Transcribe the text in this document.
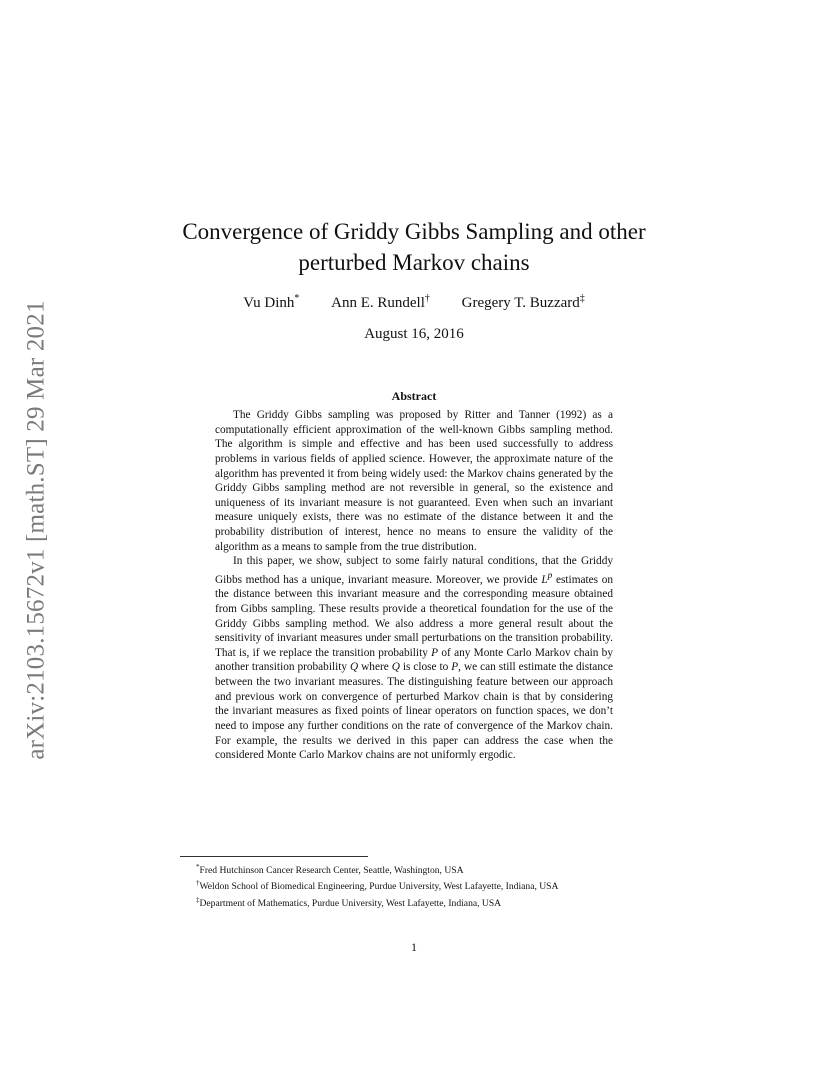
arXiv:2103.15672v1 [math.ST] 29 Mar 2021
Convergence of Griddy Gibbs Sampling and other perturbed Markov chains
Vu Dinh* Ann E. Rundell† Gregery T. Buzzard‡
August 16, 2016
Abstract

The Griddy Gibbs sampling was proposed by Ritter and Tanner (1992) as a computationally efficient approximation of the well-known Gibbs sampling method. The algorithm is simple and effective and has been used successfully to address problems in various fields of applied science. However, the approximate nature of the algorithm has prevented it from being widely used: the Markov chains generated by the Griddy Gibbs sampling method are not reversible in general, so the existence and uniqueness of its invariant measure is not guaranteed. Even when such an invariant measure uniquely exists, there was no estimate of the distance between it and the probability distribution of interest, hence no means to ensure the validity of the algorithm as a means to sample from the true distribution.

In this paper, we show, subject to some fairly natural conditions, that the Griddy Gibbs method has a unique, invariant measure. Moreover, we provide $L^p$ estimates on the distance between this invariant measure and the corresponding measure obtained from Gibbs sampling. These results provide a theoretical foundation for the use of the Griddy Gibbs sampling method. We also address a more general result about the sensitivity of invariant measures under small perturbations on the transition probability. That is, if we replace the transition probability P of any Monte Carlo Markov chain by another transition probability Q where Q is close to P, we can still estimate the distance between the two invariant measures. The distinguishing feature between our approach and previous work on convergence of perturbed Markov chain is that by considering the invariant measures as fixed points of linear operators on function spaces, we don’t need to impose any further conditions on the rate of convergence of the Markov chain. For example, the results we derived in this paper can address the case when the considered Monte Carlo Markov chains are not uniformly ergodic.

*Fred Hutchinson Cancer Research Center, Seattle, Washington, USA

†Weldon School of Biomedical Engineering, Purdue University, West Lafayette, Indiana, USA

‡Department of Mathematics, Purdue University, West Lafayette, Indiana, USA

1
